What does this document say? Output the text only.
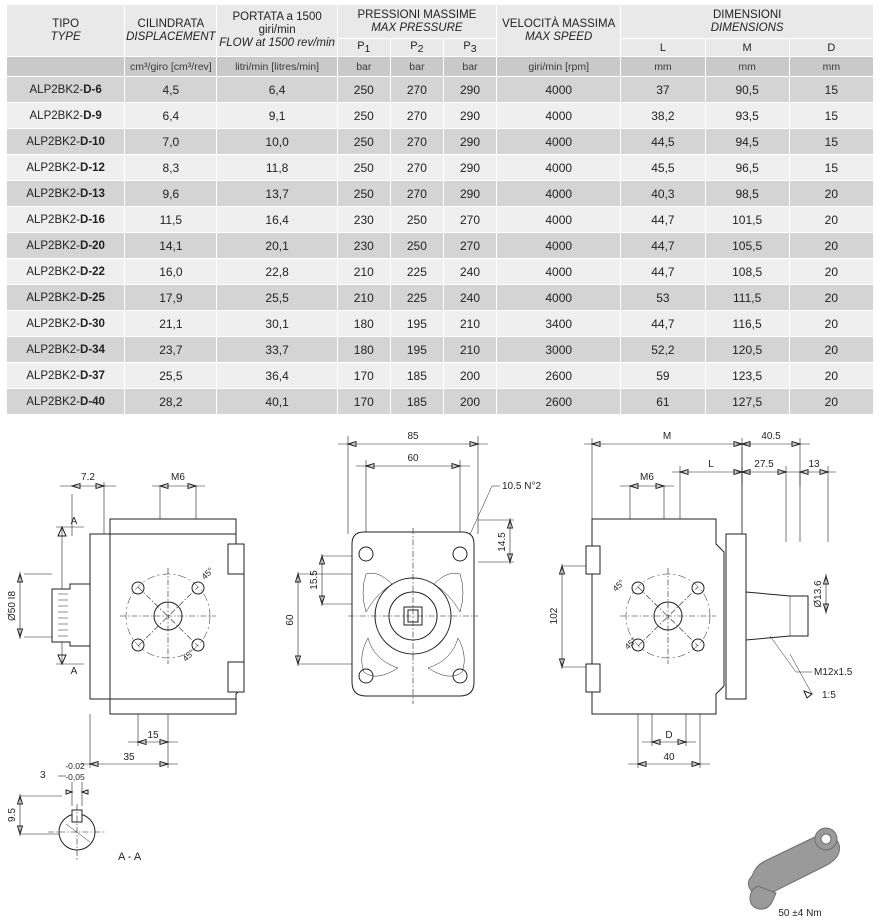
TIPO
TYPE	CILINDRATA
DISPLACEMENT	PORTATA a 1500 giri/min
FLOW at 1500 rev/min	PRESSIONI MASSIME
MAX PRESSURE			VELOCITÀ MASSIMA
MAX SPEED	DIMENSIONI
DIMENSIONS		

			$P_1$	$P_2$	$P_3$		L	M	D
	cm³/giro [cm³/rev]	litri/min [litres/min]	bar	bar	bar	giri/min [rpm]	mm	mm	mm
ALP2BK2-D-6	4,5	6,4	250	270	290	4000	37	90,5	15
ALP2BK2-D-9	6,4	9,1	250	270	290	4000	38,2	93,5	15
ALP2BK2-D-10	7,0	10,0	250	270	290	4000	44,5	94,5	15
ALP2BK2-D-12	8,3	11,8	250	270	290	4000	45,5	96,5	15
ALP2BK2-D-13	9,6	13,7	250	270	290	4000	40,3	98,5	20
ALP2BK2-D-16	11,5	16,4	230	250	270	4000	44,7	101,5	20
ALP2BK2-D-20	14,1	20,1	230	250	270	4000	44,7	105,5	20
ALP2BK2-D-22	16,0	22,8	210	225	240	4000	44,7	108,5	20
ALP2BK2-D-25	17,9	25,5	210	225	240	4000	53	111,5	20
ALP2BK2-D-30	21,1	30,1	180	195	210	3400	44,7	116,5	20
ALP2BK2-D-34	23,7	33,7	180	195	210	3000	52,2	120,5	20
ALP2BK2-D-37	25,5	36,4	170	185	200	2600	59	123,5	20
ALP2BK2-D-40	28,2	40,1	170	185	200	2600	61	127,5	20
7.2	M6
Ø50 I8
A
A
45°
45°
15
35
85
60
10.5 N°2
14.5
15.5
60
M	40.5
L	27.5	13
M6
102
Ø13.6
45°
45°
M12x1.5
1:5
D
40
-0.02
-0,05
3
9.5
A - A
50 ±4 Nm
